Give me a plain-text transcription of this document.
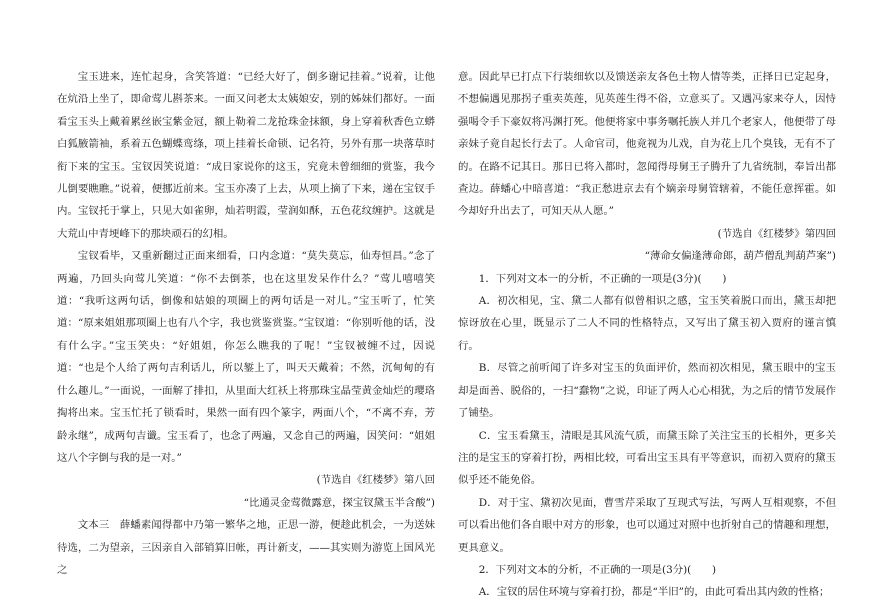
宝玉进来，连忙起身，含笑答道：“已经大好了，倒多谢记挂着。”说着，让他在炕沿上坐了，即命莺儿斟茶来。一面又问老太太姨娘安，别的姊妹们都好。一面看宝玉头上戴着累丝嵌宝紫金冠，额上勒着二龙抢珠金抹额，身上穿着秋香色立蟒白狐腋箭袖，系着五色蝴蝶鸾绦，项上挂着长命锁、记名符，另外有那一块落草时衔下来的宝玉。宝钗因笑说道：“成日家说你的这玉，究竟未曾细细的赏鉴，我今儿倒要瞧瞧。”说着，便挪近前来。宝玉亦凑了上去，从项上摘了下来，递在宝钗手内。宝钗托于掌上，只见大如雀卵，灿若明霞，莹润如酥，五色花纹缠护。这就是大荒山中青埂峰下的那块顽石的幻相。

宝钗看毕，又重新翻过正面来细看，口内念道：“莫失莫忘，仙寿恒昌。”念了两遍，乃回头向莺儿笑道：“你不去倒茶，也在这里发呆作什么？”莺儿嘻嘻笑道：“我听这两句话，倒像和姑娘的项圈上的两句话是一对儿。”宝玉听了，忙笑道：“原来姐姐那项圈上也有八个字，我也赏鉴赏鉴。”宝钗道：“你别听他的话，没有什么字。”宝玉笑央：“好姐姐，你怎么瞧我的了呢！”宝钗被缠不过，因说道：“也是个人给了两句吉利话儿，所以錾上了，叫天天戴着；不然，沉甸甸的有什么趣儿。”一面说，一面解了排扣，从里面大红袄上将那珠宝晶莹黄金灿烂的璎珞掏将出来。宝玉忙托了锁看时，果然一面有四个篆字，两面八个，“不离不弃，芳龄永继”，成两句吉谶。宝玉看了，也念了两遍，又念自己的两遍，因笑问：“姐姐这八个字倒与我的是一对。”

(节选自《红楼梦》第八回

“比通灵金莺微露意，探宝钗黛玉半含酸”)

文本三　薛蟠素闻得都中乃第一繁华之地，正思一游，便趁此机会，一为送妹待选，二为望亲，三因亲自入部销算旧帐，再计新支，——其实则为游览上国风光之

意。因此早已打点下行装细软以及馈送亲友各色土物人情等类，正择日已定起身，不想偏遇见那拐子重卖英莲，见英莲生得不俗，立意买了。又遇冯家来夺人，因恃强喝令手下豪奴将冯渊打死。他便将家中事务嘱托族人并几个老家人，他便带了母亲妹子竟自起长行去了。人命官司，他竟视为儿戏，自为花上几个臭钱，无有不了的。在路不记其日。那日已将入都时，忽闻得母舅王子腾升了九省统制，奉旨出都查边。薛蟠心中暗喜道：“我正愁进京去有个嫡亲母舅管辖着，不能任意挥霍。如今却好升出去了，可知天从人愿。”

(节选自《红楼梦》第四回

“薄命女偏逢薄命郎，葫芦僧乱判葫芦案”)

1．下列对文本一的分析，不正确的一项是(3分)(　　)

A．初次相见，宝、黛二人都有似曾相识之感，宝玉笑着脱口而出，黛玉却把惊讶放在心里，既显示了二人不同的性格特点，又写出了黛玉初入贾府的谨言慎行。

B．尽管之前听闻了许多对宝玉的负面评价，然而初次相见，黛玉眼中的宝玉却是面善、脱俗的，一扫“蠢物”之说，印证了两人心心相犹，为之后的情节发展作了铺垫。

C．宝玉看黛玉，清眼是其风流气质，而黛玉除了关注宝玉的长相外，更多关注的是宝玉的穿着打扮，两相比较，可看出宝玉具有平等意识，而初入贾府的黛玉似乎还不能免俗。

D．对于宝、黛初次见面，曹雪芹采取了互现式写法，写两人互相观察，不但可以看出他们各自眼中对方的形象，也可以通过对照中也折射自己的情趣和理想，更具意义。

2．下列对文本的分析，不正确的一项是(3分)(　　)

A．宝钗的居住环境与穿着打扮，都是“半旧”的，由此可看出其内敛的性格；
